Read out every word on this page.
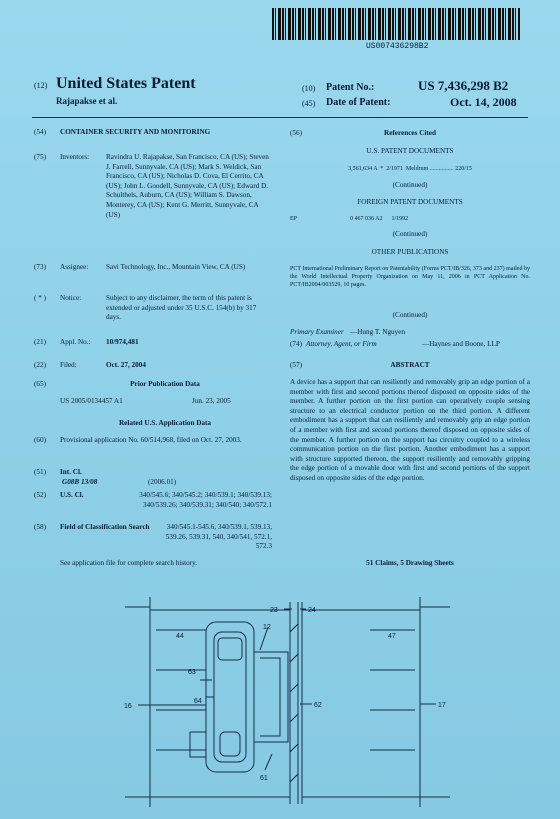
US007436298B2
(12) United States Patent
Rajapakse et al.
(10) Patent No.:	US 7,436,298 B2
(45) Date of Patent:	Oct. 14, 2008
(54) CONTAINER SECURITY AND MONITORING
(75) Inventors: Ravindra U. Rajapakse, San Francisco, CA (US); Steven J. Farrell, Sunnyvale, CA (US); Mark S. Weldick, San Francisco, CA (US); Nicholas D. Cova, El Cerrito, CA (US); John L. Goodell, Sunnyvale, CA (US); Edward D. Schulthels, Auburn, CA (US); William S. Dawson, Monterey, CA (US); Kent G. Merritt, Sunnyvale, CA (US)
(73) Assignee: Savi Technology, Inc., Mountain View, CA (US)
( * ) Notice:	Subject to any disclaimer, the term of this patent is extended or adjusted under 35 U.S.C. 154(b) by 317 days.
(21) Appl. No.: 10/974,481
(22) Filed:	Oct. 27, 2004
(65)	Prior Publication Data
US 2005/0134457 A1	Jun. 23, 2005
Related U.S. Application Data
(60) Provisional application No. 60/514,968, filed on Oct. 27, 2003.
(51) Int. Cl.
G08B 13/08	(2006.01)
(52) U.S. Cl.	340/545.6; 340/545.2; 340/539.1; 340/539.13; 340/539.26; 340/539.31; 340/540; 340/572.1
(58) Field of Classification Search	340/545.1-545.6, 340/539.1, 539.13, 539.26, 539.31, 540, 340/541, 572.1, 572.3
See application file for complete search history.
(56)	References Cited
U.S. PATENT DOCUMENTS
3,561,634 A  *  2/1971  Meldrum ................ 220/15
(Continued)
FOREIGN PATENT DOCUMENTS
EP	0 467 036 A2      1/1992
(Continued)
OTHER PUBLICATIONS
PCT International Preliminary Report on Patentability (Forms PCT/IB/326, 373 and 237) mailed by the World Intellectual Property Organization on May 11, 2006 in PCT Application No. PCT/IB2004/003529, 10 pages.
(Continued)
Primary Examiner —Hung T. Nguyen
(74) Attorney, Agent, or Firm	—Haynes and Boone, LLP
(57)	ABSTRACT
A device has a support that can resiliently and removably grip an edge portion of a member with first and second portions thereof disposed on opposite sides of the member. A further portion on the first portion can operatively couple sensing structure to an electrical conductor portion on the third portion. A different embodiment has a support that can resiliently and removably grip an edge portion of a member with first and second portions thereof disposed on opposite sides of the member. A further portion on the support has circuitry coupled to a wireless communication portion on the first portion. Another embodiment has a support with structure supported thereon, the support resiliently and removably gripping the edge portion of a movable door with first and second portions of the support disposed on opposite sides of the edge portion.
51 Claims, 5 Drawing Sheets
23	24
12
44	47
63
64
16	62	17
61
